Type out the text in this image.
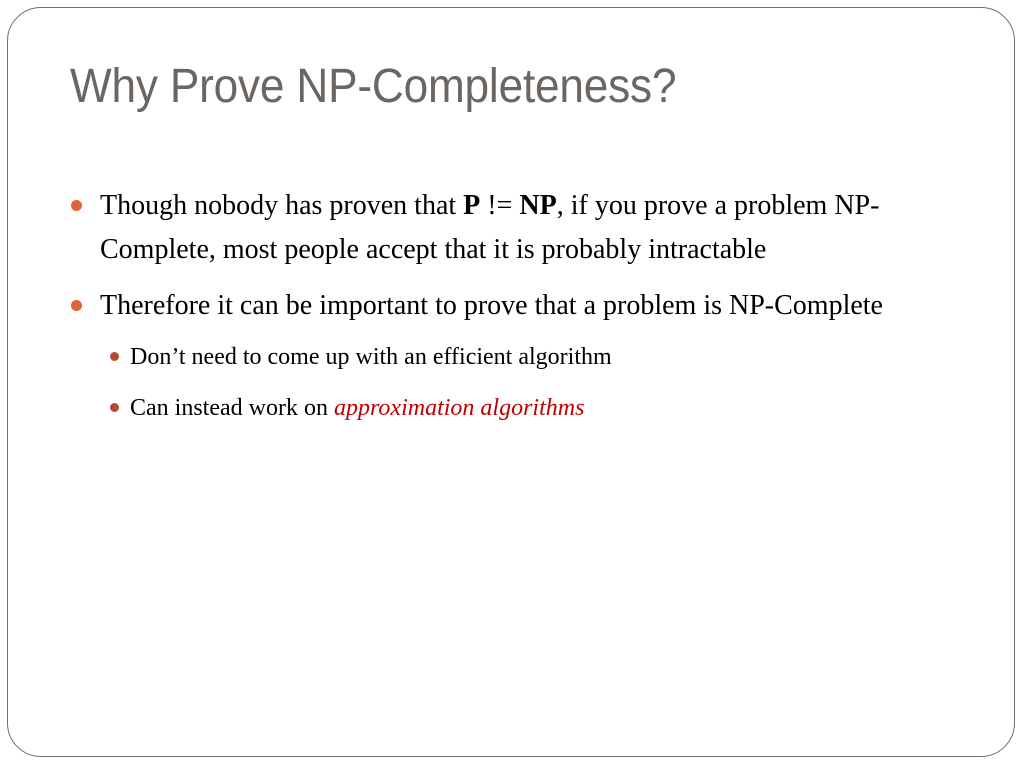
Why Prove NP-Completeness?
Though nobody has proven that P != NP, if you prove a problem NP-Complete, most people accept that it is probably intractable
Therefore it can be important to prove that a problem is NP-Complete
Don’t need to come up with an efficient algorithm
Can instead work on approximation algorithms
